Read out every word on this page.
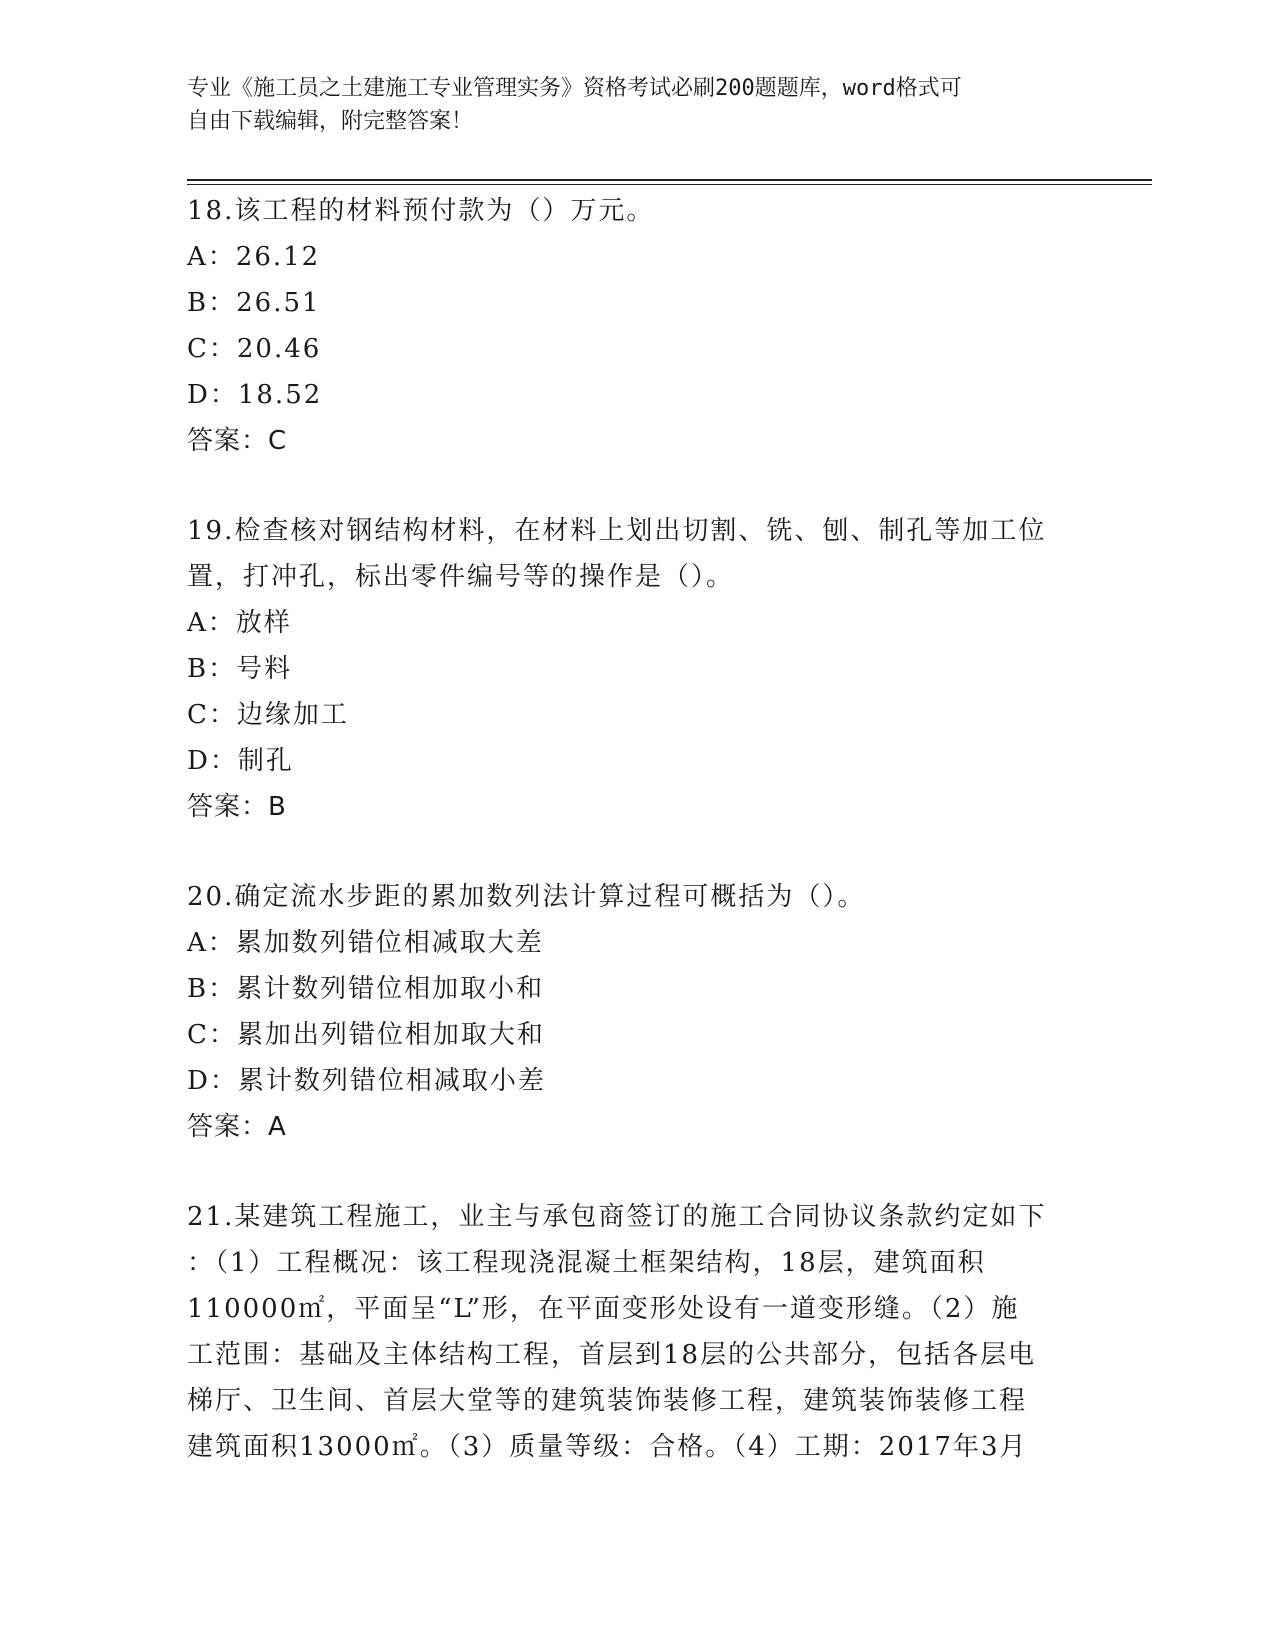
专业《施工员之土建施工专业管理实务》资格考试必刷200题题库，word格式可
自由下载编辑，附完整答案！
18.该工程的材料预付款为（）万元。
A：26.12
B：26.51
C：20.46
D：18.52
答案：C
19.检查核对钢结构材料，在材料上划出切割、铣、刨、制孔等加工位
置，打冲孔，标出零件编号等的操作是（）。
A：放样
B：号料
C：边缘加工
D：制孔
答案：B
20.确定流水步距的累加数列法计算过程可概括为（）。
A：累加数列错位相减取大差
B：累计数列错位相加取小和
C：累加出列错位相加取大和
D：累计数列错位相减取小差
答案：A
21.某建筑工程施工，业主与承包商签订的施工合同协议条款约定如下
：（1）工程概况：该工程现浇混凝土框架结构，18层，建筑面积
110000㎡，平面呈“L”形，在平面变形处设有一道变形缝。（2）施
工范围：基础及主体结构工程，首层到18层的公共部分，包括各层电
梯厅、卫生间、首层大堂等的建筑装饰装修工程，建筑装饰装修工程
建筑面积13000㎡。（3）质量等级：合格。（4）工期：2017年3月
